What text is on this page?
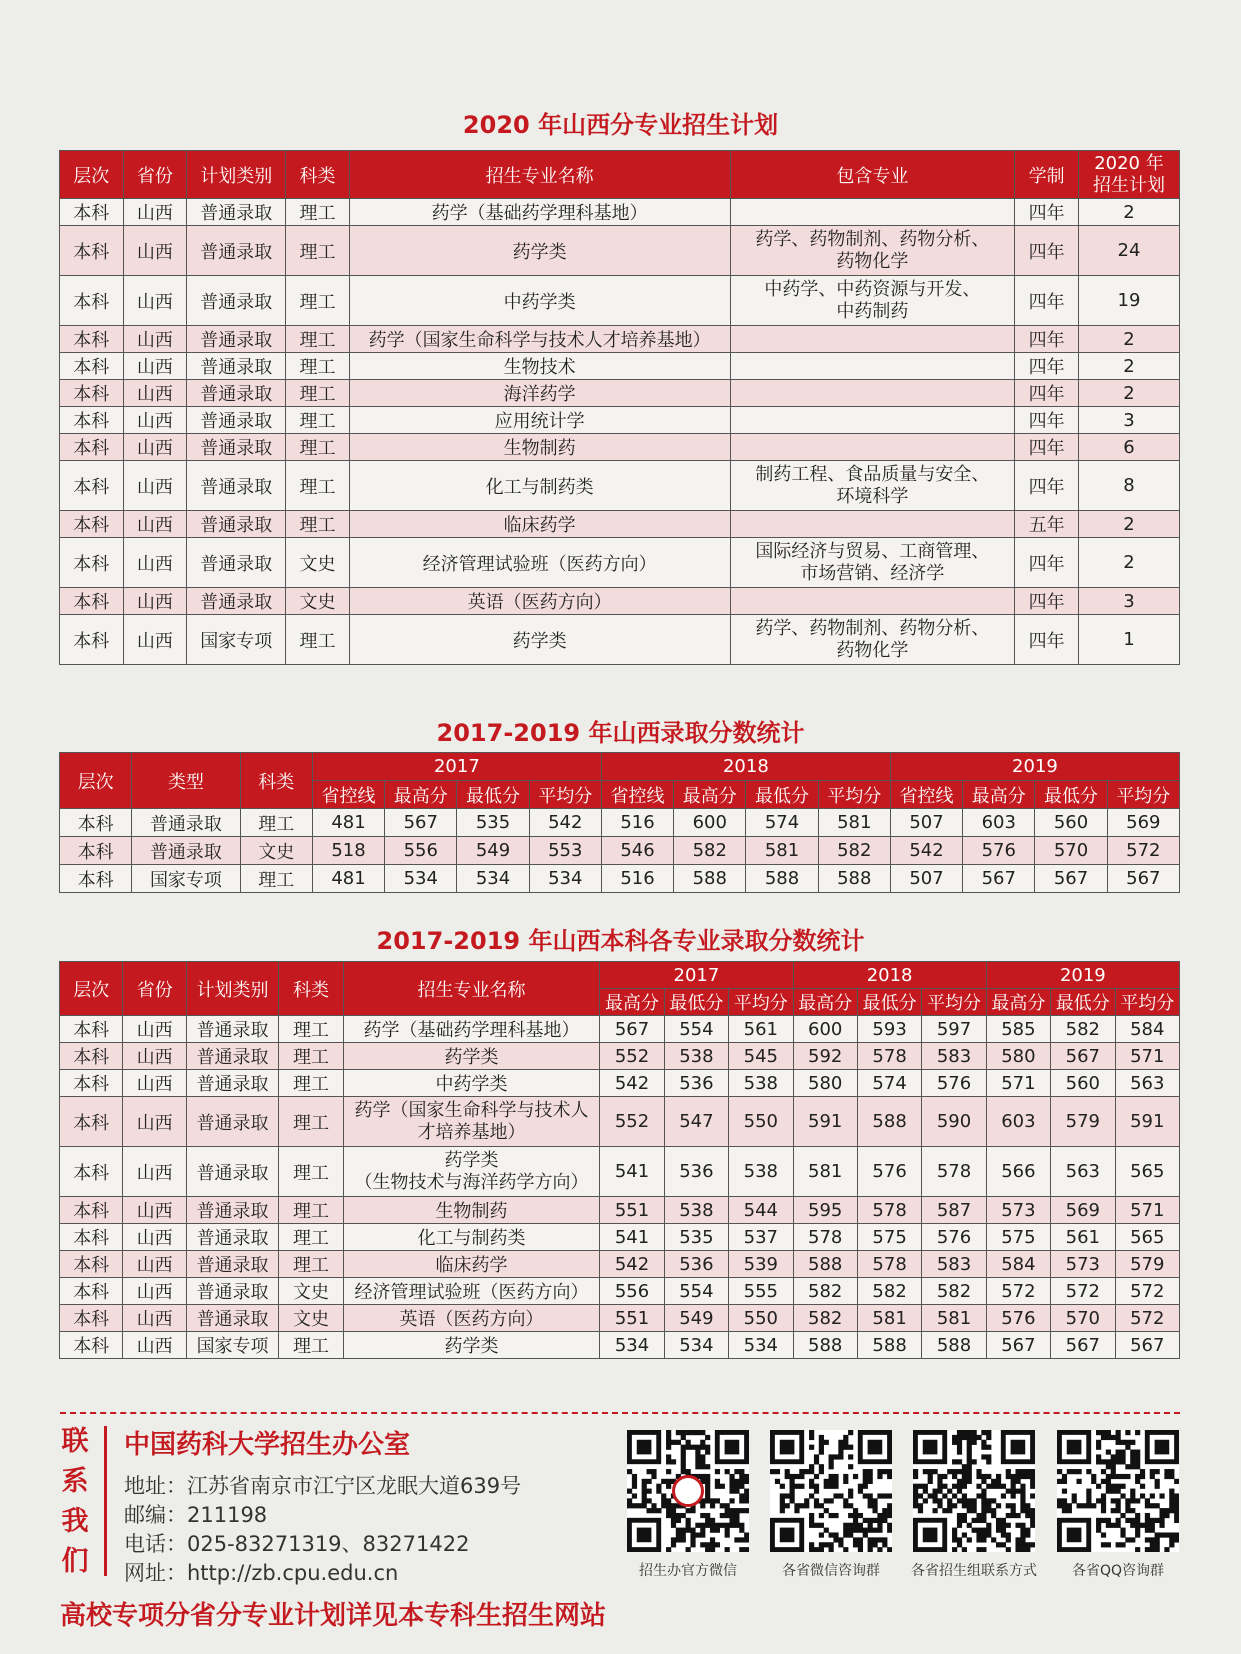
2020 年山西分专业招生计划
层次	省份	计划类别	科类	招生专业名称	包含专业	学制	2020 年
招生计划
本科	山西	普通录取	理工	药学（基础药学理科基地）		四年	2
本科	山西	普通录取	理工	药学类	药学、药物制剂、药物分析、
药物化学	四年	24
本科	山西	普通录取	理工	中药学类	中药学、中药资源与开发、
中药制药	四年	19
本科	山西	普通录取	理工	药学（国家生命科学与技术人才培养基地）		四年	2
本科	山西	普通录取	理工	生物技术		四年	2
本科	山西	普通录取	理工	海洋药学		四年	2
本科	山西	普通录取	理工	应用统计学		四年	3
本科	山西	普通录取	理工	生物制药		四年	6
本科	山西	普通录取	理工	化工与制药类	制药工程、食品质量与安全、
环境科学	四年	8
本科	山西	普通录取	理工	临床药学		五年	2
本科	山西	普通录取	文史	经济管理试验班（医药方向）	国际经济与贸易、工商管理、
市场营销、经济学	四年	2
本科	山西	普通录取	文史	英语（医药方向）		四年	3
本科	山西	国家专项	理工	药学类	药学、药物制剂、药物分析、
药物化学	四年	1
2017-2019 年山西录取分数统计
层次	类型	科类	2017				2018				2019			
			省控线	最高分	最低分	平均分	省控线	最高分	最低分	平均分	省控线	最高分	最低分	平均分
本科	普通录取	理工	481	567	535	542	516	600	574	581	507	603	560	569
本科	普通录取	文史	518	556	549	553	546	582	581	582	542	576	570	572
本科	国家专项	理工	481	534	534	534	516	588	588	588	507	567	567	567
2017-2019 年山西本科各专业录取分数统计
层次	省份	计划类别	科类	招生专业名称	2017			2018			2019		
					最高分	最低分	平均分	最高分	最低分	平均分	最高分	最低分	平均分
本科	山西	普通录取	理工	药学（基础药学理科基地）	567	554	561	600	593	597	585	582	584
本科	山西	普通录取	理工	药学类	552	538	545	592	578	583	580	567	571
本科	山西	普通录取	理工	中药学类	542	536	538	580	574	576	571	560	563
本科	山西	普通录取	理工	药学（国家生命科学与技术人
才培养基地）	552	547	550	591	588	590	603	579	591
本科	山西	普通录取	理工	药学类
（生物技术与海洋药学方向）	541	536	538	581	576	578	566	563	565
本科	山西	普通录取	理工	生物制药	551	538	544	595	578	587	573	569	571
本科	山西	普通录取	理工	化工与制药类	541	535	537	578	575	576	575	561	565
本科	山西	普通录取	理工	临床药学	542	536	539	588	578	583	584	573	579
本科	山西	普通录取	文史	经济管理试验班（医药方向）	556	554	555	582	582	582	572	572	572
本科	山西	普通录取	文史	英语（医药方向）	551	549	550	582	581	581	576	570	572
本科	山西	国家专项	理工	药学类	534	534	534	588	588	588	567	567	567
联
系
我
们
中国药科大学招生办公室
地址：江苏省南京市江宁区龙眠大道639号
邮编：211198
电话：025-83271319、83271422
网址：http://zb.cpu.edu.cn	招生办官方微信	各省微信咨询群	各省招生组联系方式	各省QQ咨询群
高校专项分省分专业计划详见本专科生招生网站
